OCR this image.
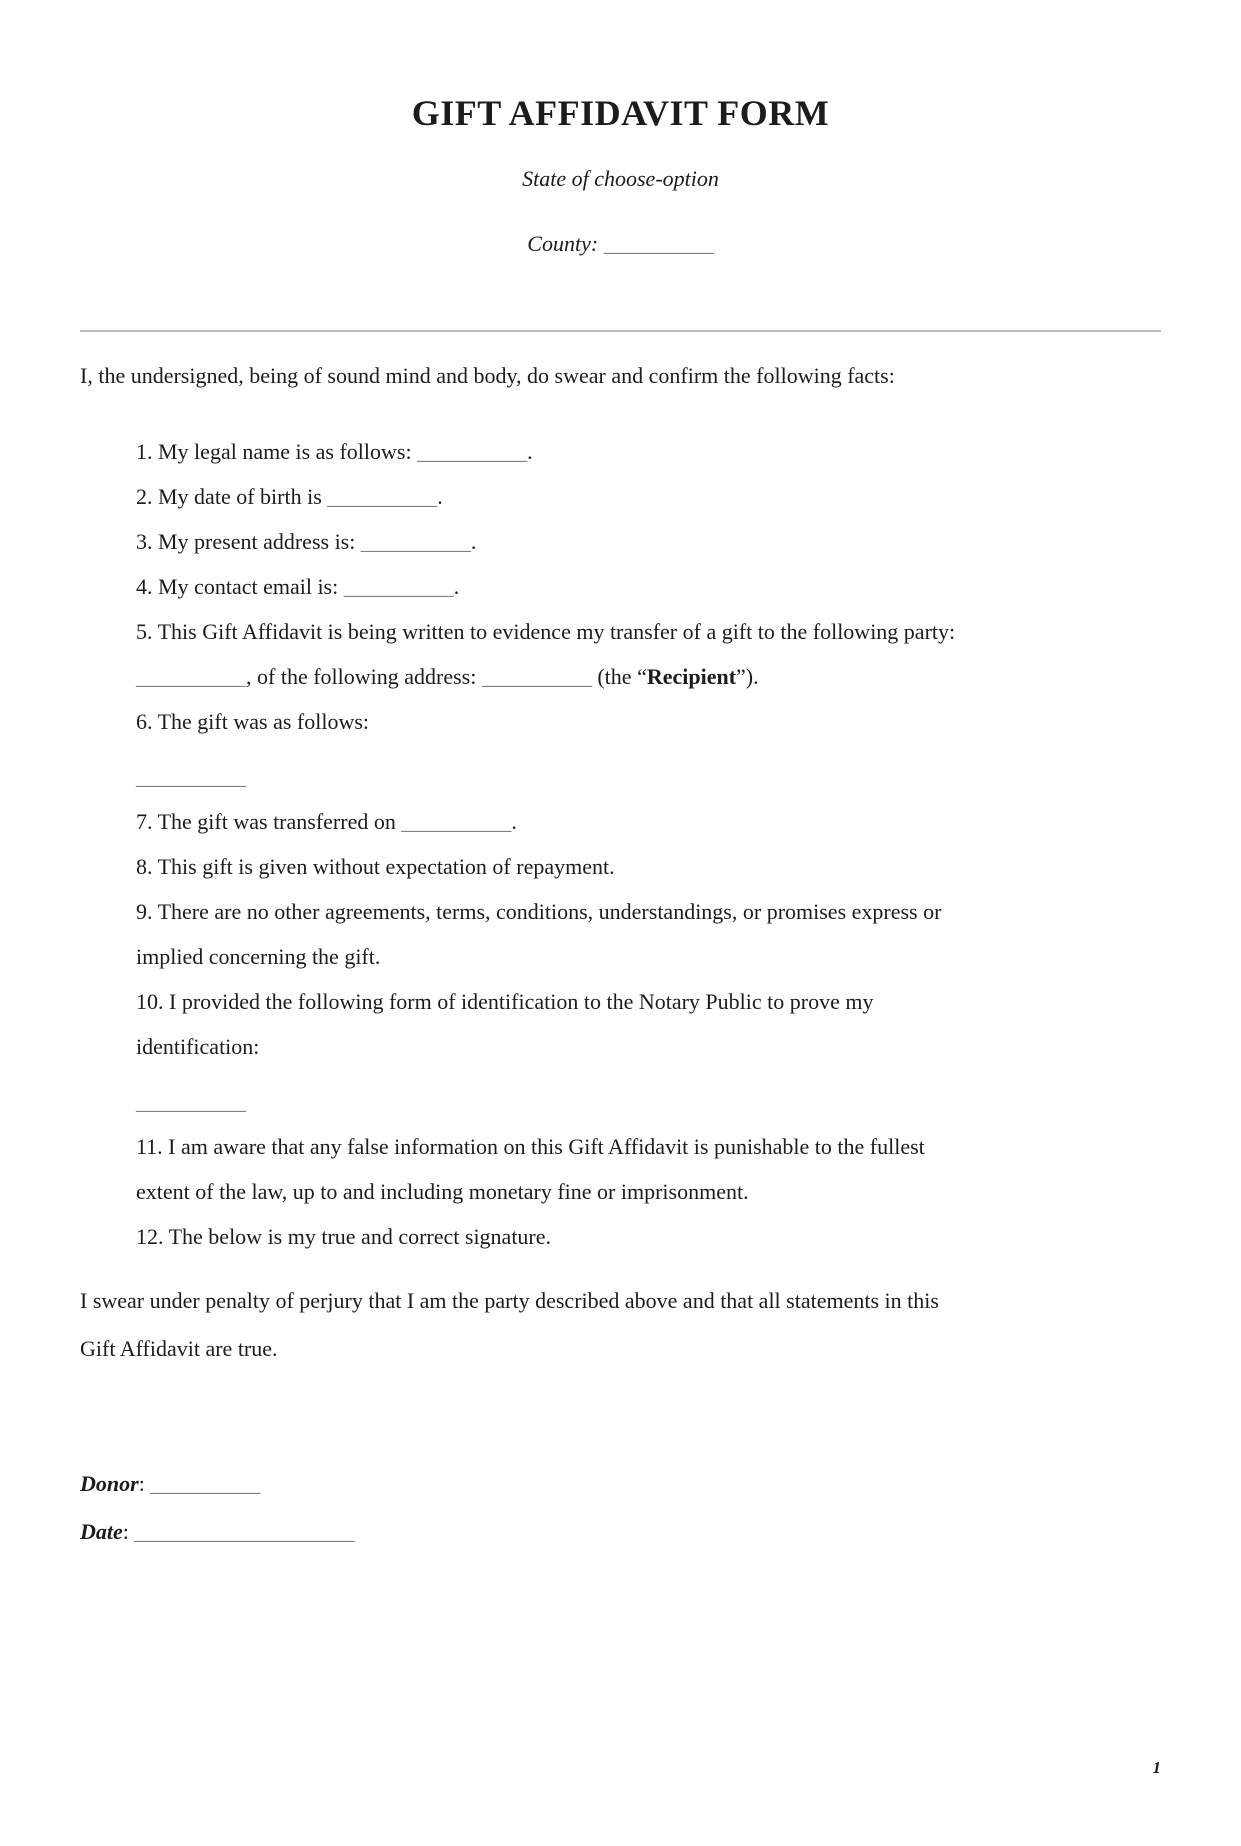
GIFT AFFIDAVIT FORM
State of choose-option
County: __________
I, the undersigned, being of sound mind and body, do swear and confirm the following facts:
1. My legal name is as follows: __________.
2. My date of birth is __________.
3. My present address is: __________.
4. My contact email is: __________.
5. This Gift Affidavit is being written to evidence my transfer of a gift to the following party:
__________, of the following address: __________ (the “Recipient”).
6. The gift was as follows:
__________
7. The gift was transferred on __________.
8. This gift is given without expectation of repayment.
9. There are no other agreements, terms, conditions, understandings, or promises express or
implied concerning the gift.
10. I provided the following form of identification to the Notary Public to prove my
identification:
__________
11. I am aware that any false information on this Gift Affidavit is punishable to the fullest
extent of the law, up to and including monetary fine or imprisonment.
12. The below is my true and correct signature.
I swear under penalty of perjury that I am the party described above and that all statements in this
Gift Affidavit are true.
Donor: __________
Date: ____________________
1
